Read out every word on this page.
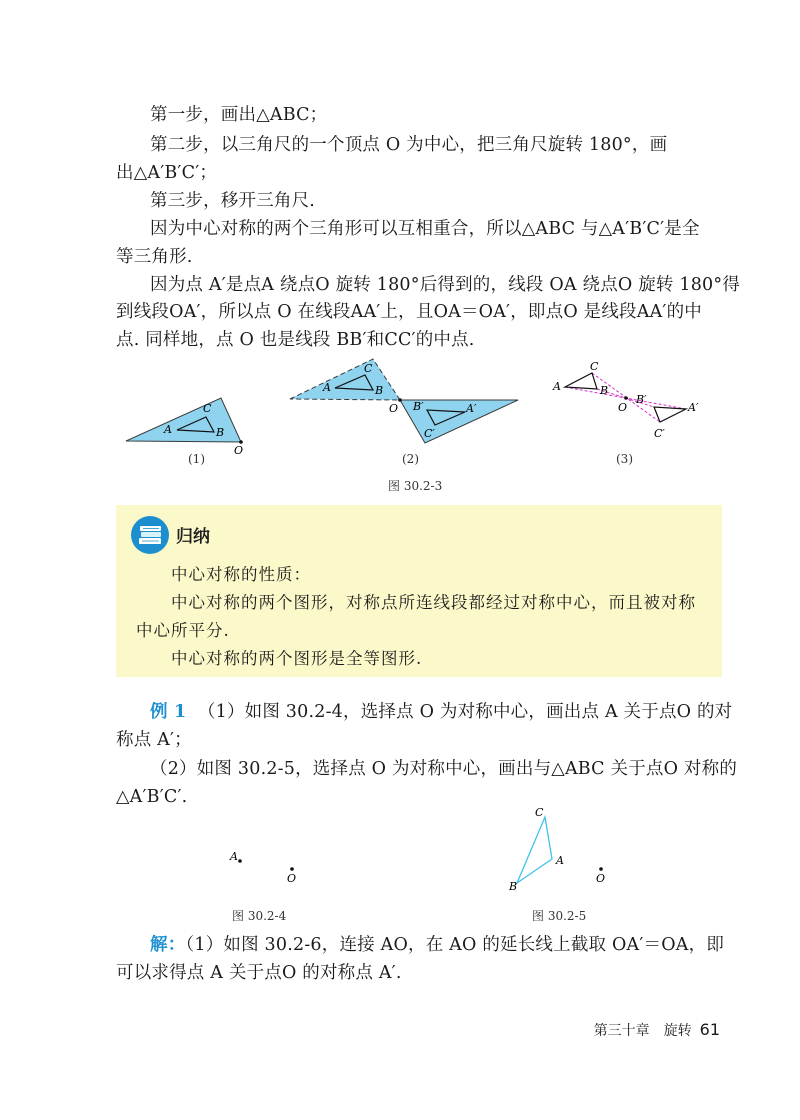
第一步，画出△ABC；
第二步，以三角尺的一个顶点 O 为中心，把三角尺旋转 180°，画
出△A′B′C′；
第三步，移开三角尺.
因为中心对称的两个三角形可以互相重合，所以△ABC 与△A′B′C′是全
等三角形.
因为点 A′是点A 绕点O 旋转 180°后得到的，线段 OA 绕点O 旋转 180°得
到线段OA′，所以点 O 在线段AA′上，且OA＝OA′，即点O 是线段AA′的中
点. 同样地，点 O 也是线段 BB′和CC′的中点.
A	B
C
O
(1)
A	B
C
O	A′
B′
C′
(2)
A	B
C
O	A′
B′
C′
(3)
图 30.2-3
归纳
中心对称的性质：
中心对称的两个图形，对称点所连线段都经过对称中心，而且被对称
中心所平分.
中心对称的两个图形是全等图形.
例 1 （1）如图 30.2-4，选择点 O 为对称中心，画出点 A 关于点O 的对
称点 A′；
（2）如图 30.2-5，选择点 O 为对称中心，画出与△ABC 关于点O 对称的
△A′B′C′.
A
O
图 30.2-4
C
A
B
O
图 30.2-5
解：（1）如图 30.2-6，连接 AO，在 AO 的延长线上截取 OA′＝OA，即
可以求得点 A 关于点O 的对称点 A′.
第三十章　旋转 61
